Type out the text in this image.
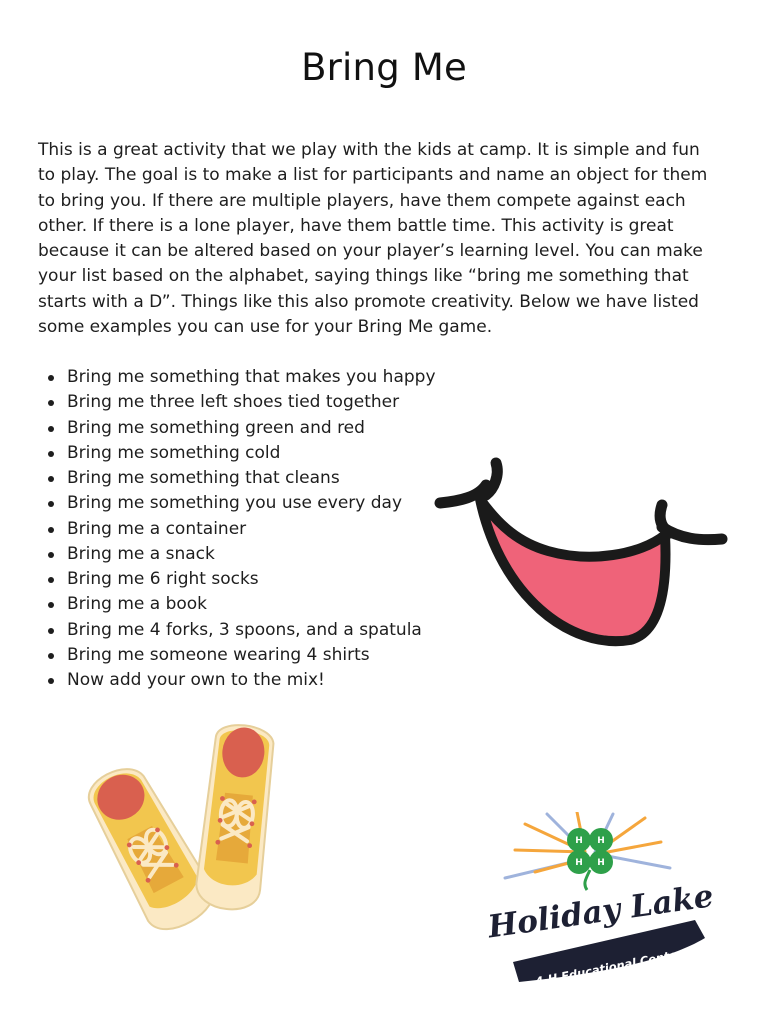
Bring Me

This is a great activity that we play with the kids at camp. It is simple and fun to play. The goal is to make a list for participants and name an object for them to bring you. If there are multiple players, have them compete against each other. If there is a lone player, have them battle time. This activity is great because it can be altered based on your player’s learning level. You can make your list based on the alphabet, saying things like “bring me something that starts with a D”. Things like this also promote creativity. Below we have listed some examples you can use for your Bring Me game.

Bring me something that makes you happy
Bring me three left shoes tied together
Bring me something green and red
Bring me something cold
Bring me something that cleans
Bring me something you use every day
Bring me a container
Bring me a snack
Bring me 6 right socks
Bring me a book
Bring me 4 forks, 3 spoons, and a spatula
Bring me someone wearing 4 shirts
Now add your own to the mix!
H H
H H
Holiday Lake
4-H Educational Center
